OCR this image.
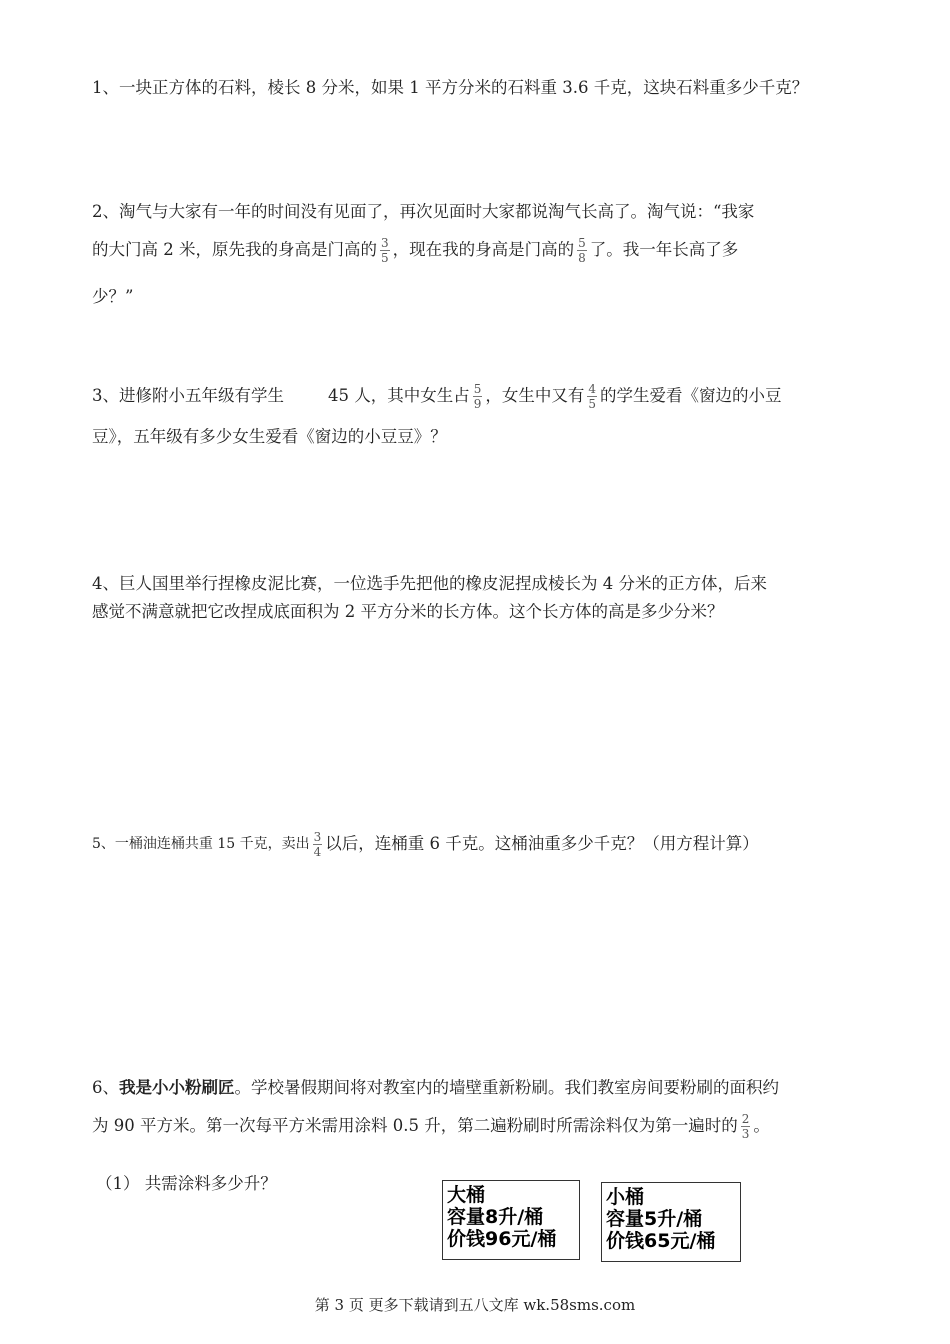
1、一块正方体的石料，棱长 8 分米，如果 1 平方分米的石料重 3.6 千克，这块石料重多少千克？
2、淘气与大家有一年的时间没有见面了，再次见面时大家都说淘气长高了。淘气说：“我家
的大门高 2 米，原先我的身高是门高的 $\frac{3}{5}$ ，现在我的身高是门高的 $\frac{5}{8}$ 了。我一年长高了多
少？”
3、进修附小五年级有学生	45 人，其中女生占 $\frac{5}{9}$ ，女生中又有 $\frac{4}{5}$ 的学生爱看《窗边的小豆
豆》，五年级有多少女生爱看《窗边的小豆豆》？
4、巨人国里举行捏橡皮泥比赛，一位选手先把他的橡皮泥捏成棱长为 4 分米的正方体，后来
感觉不满意就把它改捏成底面积为 2 平方分米的长方体。这个长方体的高是多少分米？
5、一桶油连桶共重 15 千克，卖出 $\frac{3}{4}$ 以后，连桶重 6 千克。这桶油重多少千克？（用方程计算）
6、我是小小粉刷匠。学校暑假期间将对教室内的墙壁重新粉刷。我们教室房间要粉刷的面积约
为 90 平方米。第一次每平方米需用涂料 0.5 升，第二遍粉刷时所需涂料仅为第一遍时的 $\frac{2}{3}$ 。
（1） 共需涂料多少升？
大桶
容量8升/桶
价钱96元/桶
小桶
容量5升/桶
价钱65元/桶
第 3 页 更多下载请到五八文库 wk.58sms.com
